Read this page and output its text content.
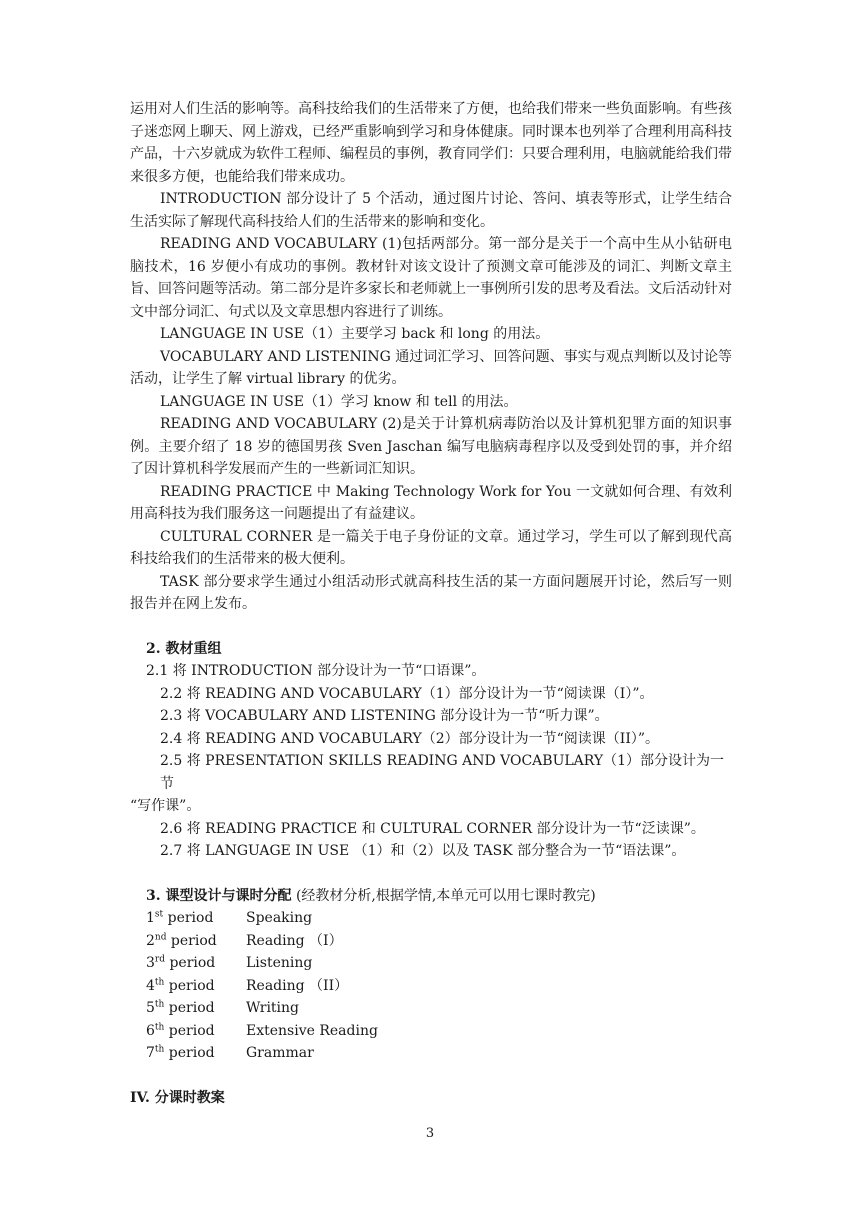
运用对人们生活的影响等。高科技给我们的生活带来了方便，也给我们带来一些负面影响。有些孩子迷恋网上聊天、网上游戏，已经严重影响到学习和身体健康。同时课本也列举了合理利用高科技产品，十六岁就成为软件工程师、编程员的事例，教育同学们：只要合理利用，电脑就能给我们带来很多方便，也能给我们带来成功。

INTRODUCTION 部分设计了 5 个活动，通过图片讨论、答问、填表等形式，让学生结合生活实际了解现代高科技给人们的生活带来的影响和变化。

READING AND VOCABULARY (1)包括两部分。第一部分是关于一个高中生从小钻研电脑技术，16 岁便小有成功的事例。教材针对该文设计了预测文章可能涉及的词汇、判断文章主旨、回答问题等活动。第二部分是许多家长和老师就上一事例所引发的思考及看法。文后活动针对文中部分词汇、句式以及文章思想内容进行了训练。

LANGUAGE IN USE（1）主要学习 back 和 long 的用法。

VOCABULARY AND LISTENING 通过词汇学习、回答问题、事实与观点判断以及讨论等活动，让学生了解 virtual library 的优劣。

LANGUAGE IN USE（1）学习 know 和 tell 的用法。

READING AND VOCABULARY (2)是关于计算机病毒防治以及计算机犯罪方面的知识事例。主要介绍了 18 岁的德国男孩 Sven Jaschan 编写电脑病毒程序以及受到处罚的事，并介绍了因计算机科学发展而产生的一些新词汇知识。

READING PRACTICE 中 Making Technology Work for You 一文就如何合理、有效利用高科技为我们服务这一问题提出了有益建议。

CULTURAL CORNER 是一篇关于电子身份证的文章。通过学习，学生可以了解到现代高科技给我们的生活带来的极大便利。

TASK 部分要求学生通过小组活动形式就高科技生活的某一方面问题展开讨论，然后写一则报告并在网上发布。

2. 教材重组

2.1 将 INTRODUCTION 部分设计为一节“口语课”。

2.2 将 READING AND VOCABULARY（1）部分设计为一节“阅读课（I）”。

2.3 将 VOCABULARY AND LISTENING 部分设计为一节“听力课”。

2.4 将 READING AND VOCABULARY（2）部分设计为一节“阅读课（II）”。

2.5 将 PRESENTATION SKILLS READING AND VOCABULARY（1）部分设计为一节

“写作课”。

2.6 将 READING PRACTICE 和 CULTURAL CORNER 部分设计为一节“泛读课”。

2.7 将 LANGUAGE IN USE （1）和（2）以及 TASK 部分整合为一节“语法课”。

3. 课型设计与课时分配 (经教材分析,根据学情,本单元可以用七课时教完)

1st period	Speaking

2nd period	Reading （I）

3rd period	Listening

4th period	Reading （II）

5th period	Writing

6th period	Extensive Reading

7th period	Grammar

IV. 分课时教案

3
